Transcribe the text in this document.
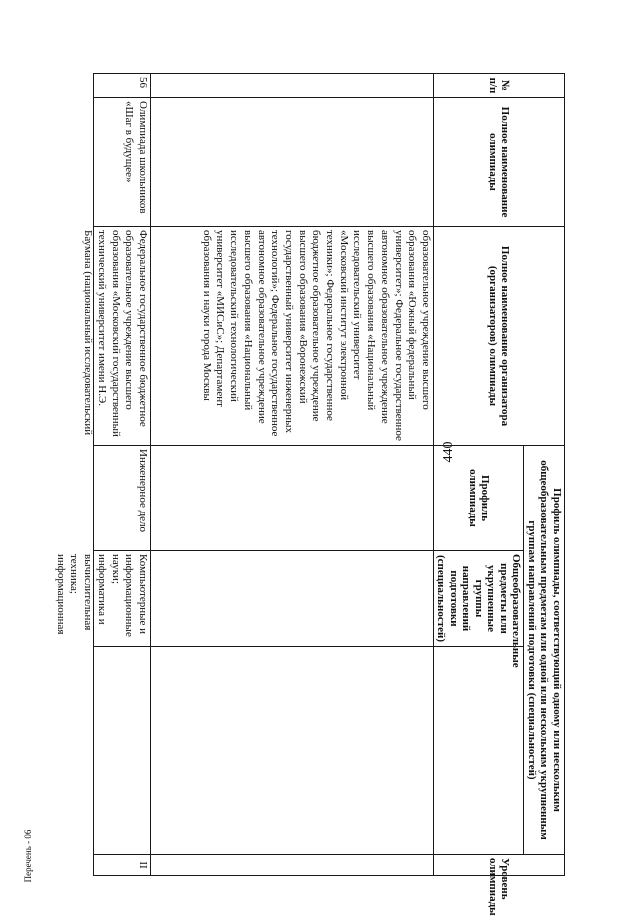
440
Перечень - 06
№
п/п	Полное наименование олимпиады	Полное наименование организатора (организаторов) олимпиады	Профиль олимпиады, соответствующий одному или нескольким общеобразовательным предметам или одной или нескольким укрупненным группам направлений подготовки (специальностей)			Уровень олимпиады
			Профиль олимпиады	Общеобразовательные предметы или укрупненные группы направлений подготовки (специальностей)		
		образовательное учреждение высшего образования «Южный федеральный университет»; Федеральное государственное автономное образовательное учреждение высшего образования «Национальный исследовательский университет «Московский институт электронной техники»; Федеральное государственное бюджетное образовательное учреждение высшего образования «Воронежский государственный университет инженерных технологий»; Федеральное государственное автономное образовательное учреждение высшего образования «Национальный исследовательский технологический университет «МИСиС»; Департамент образования и науки города Москвы				

56	Олимпиада школьников «Шаг в будущее»	Федеральное государственное бюджетное образовательное учреждение высшего образования «Московский государственный технический университет имени Н.Э. Баумана (национальный исследовательский	Инженерное дело	Компьютерные и информационные науки; информатика и вычислительная техника; информационная		II
